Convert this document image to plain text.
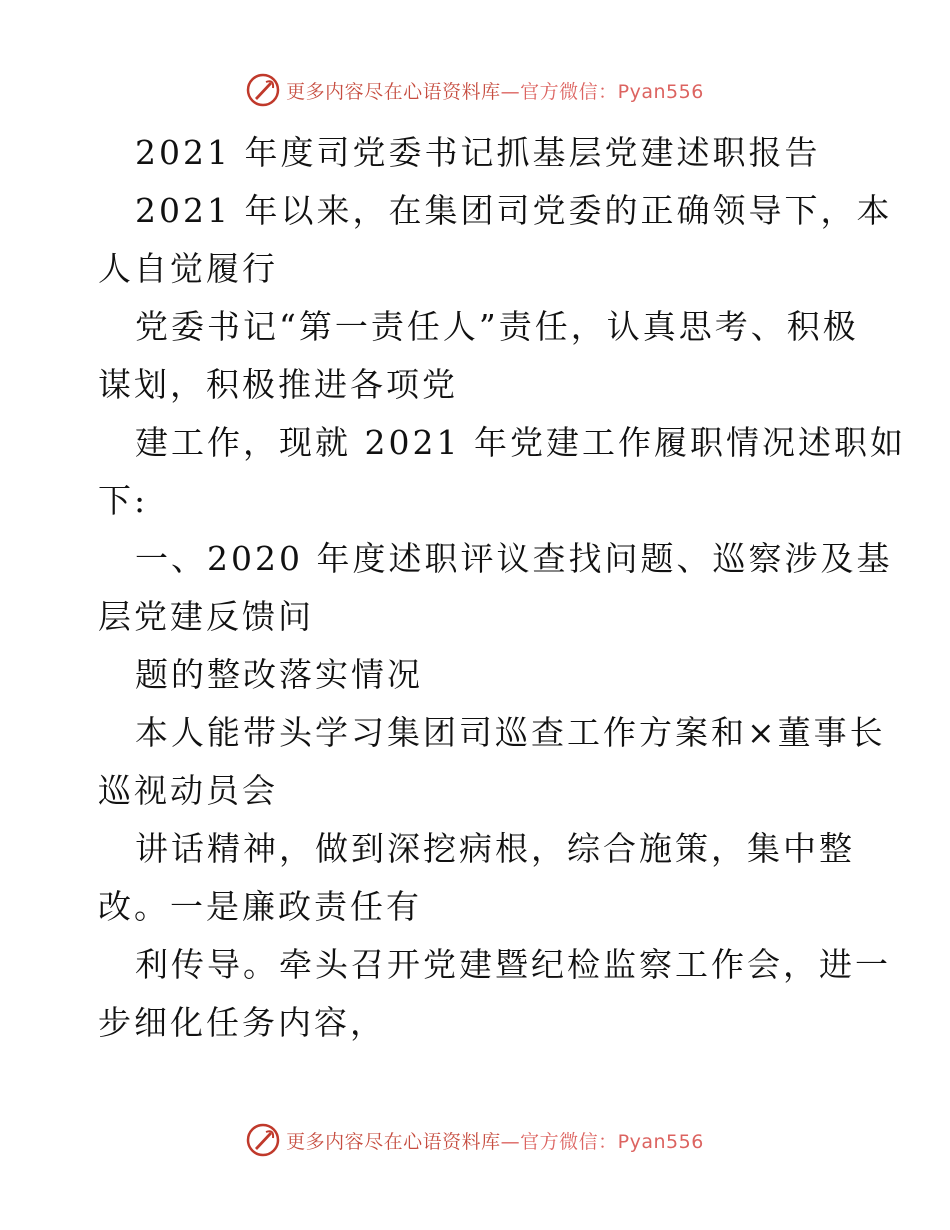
更多内容尽在心语资料库—官方微信：Pyan556
2021 年度司党委书记抓基层党建述职报告
2021 年以来，在集团司党委的正确领导下，本
人自觉履行
党委书记“第一责任人”责任，认真思考、积极
谋划，积极推进各项党
建工作，现就 2021 年党建工作履职情况述职如
下:
一、2020 年度述职评议查找问题、巡察涉及基
层党建反馈问
题的整改落实情况
本人能带头学习集团司巡查工作方案和×董事长
巡视动员会
讲话精神，做到深挖病根，综合施策，集中整
改。一是廉政责任有
利传导。牵头召开党建暨纪检监察工作会，进一
步细化任务内容，
更多内容尽在心语资料库—官方微信：Pyan556
